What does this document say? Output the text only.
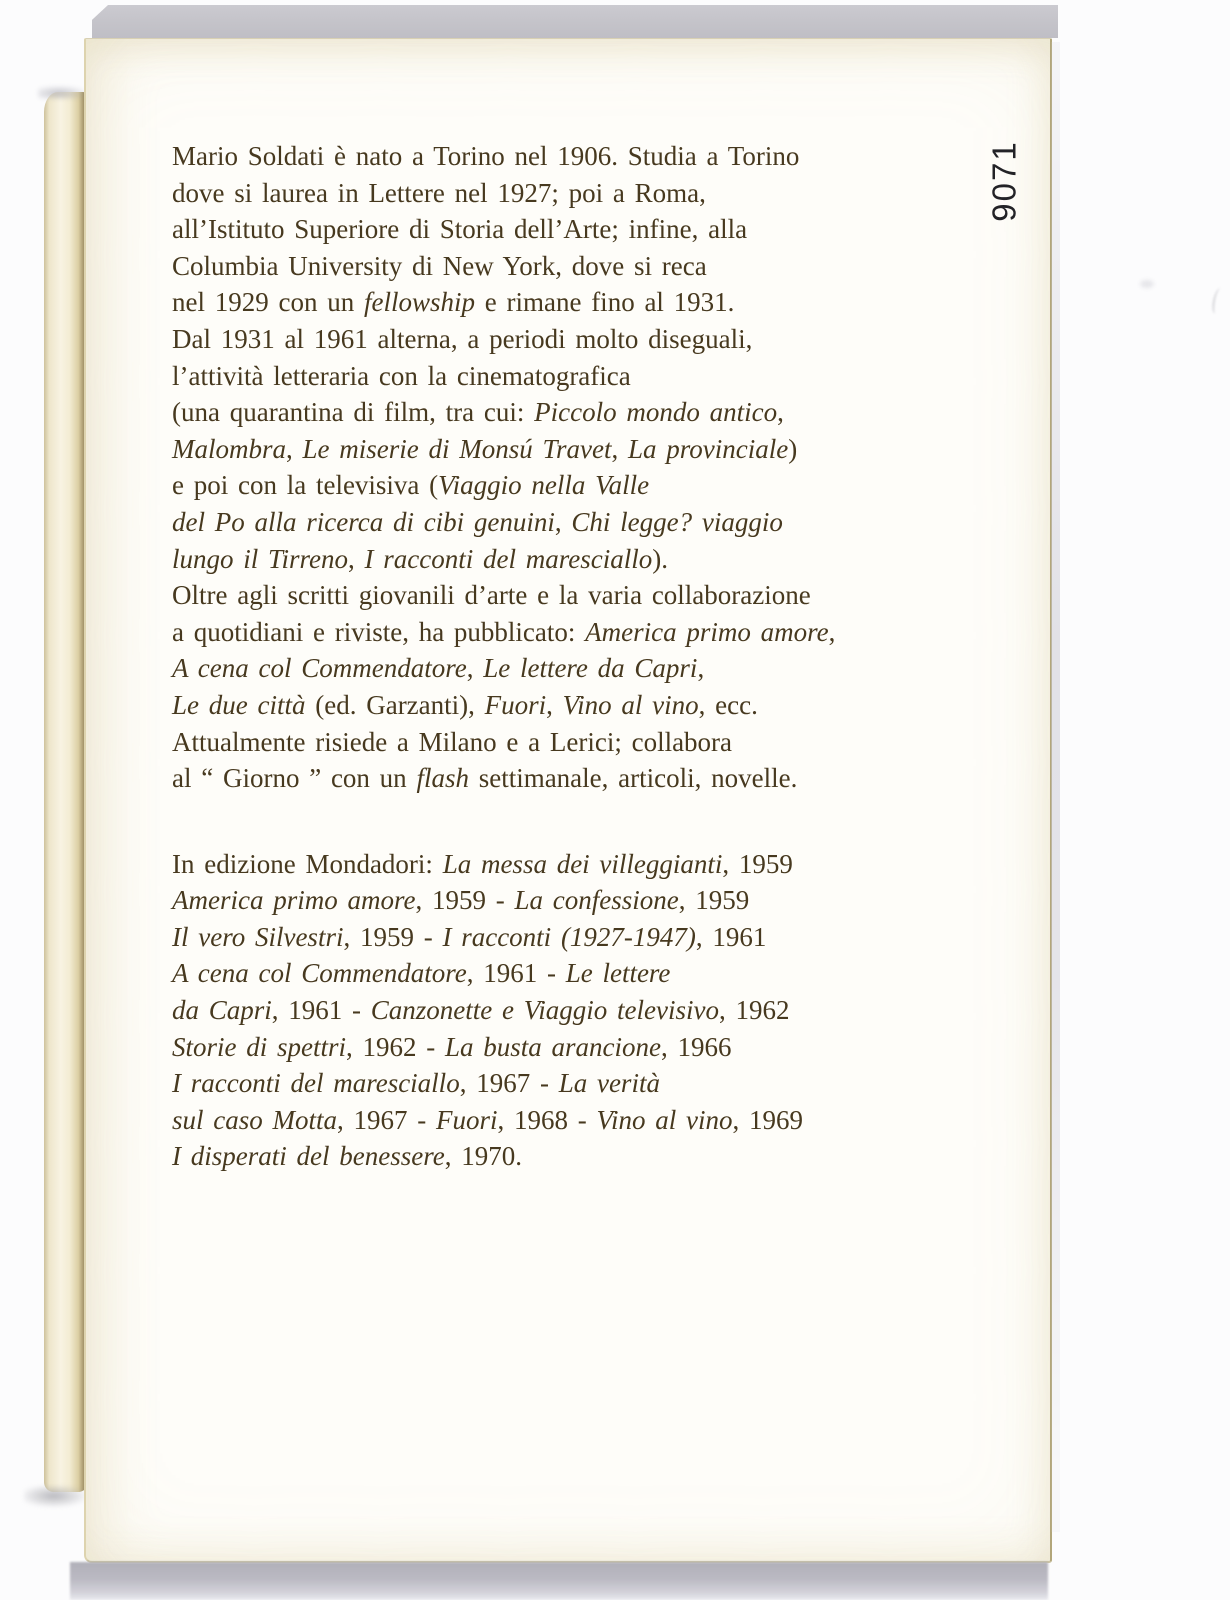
9071
Mario Soldati è nato a Torino nel 1906. Studia a Torino
dove si laurea in Lettere nel 1927; poi a Roma,
all’Istituto Superiore di Storia dell’Arte; infine, alla
Columbia University di New York, dove si reca
nel 1929 con un fellowship e rimane fino al 1931.
Dal 1931 al 1961 alterna, a periodi molto diseguali,
l’attività letteraria con la cinematografica
(una quarantina di film, tra cui: Piccolo mondo antico,
Malombra, Le miserie di Monsú Travet, La provinciale)
e poi con la televisiva (Viaggio nella Valle
del Po alla ricerca di cibi genuini, Chi legge? viaggio
lungo il Tirreno, I racconti del maresciallo).
Oltre agli scritti giovanili d’arte e la varia collaborazione
a quotidiani e riviste, ha pubblicato: America primo amore,
A cena col Commendatore, Le lettere da Capri,
Le due città (ed. Garzanti), Fuori, Vino al vino, ecc.
Attualmente risiede a Milano e a Lerici; collabora
al “ Giorno ” con un flash settimanale, articoli, novelle.
In edizione Mondadori: La messa dei villeggianti, 1959
America primo amore, 1959 - La confessione, 1959
Il vero Silvestri, 1959 - I racconti (1927-1947), 1961
A cena col Commendatore, 1961 - Le lettere
da Capri, 1961 - Canzonette e Viaggio televisivo, 1962
Storie di spettri, 1962 - La busta arancione, 1966
I racconti del maresciallo, 1967 - La verità
sul caso Motta, 1967 - Fuori, 1968 - Vino al vino, 1969
I disperati del benessere, 1970.
